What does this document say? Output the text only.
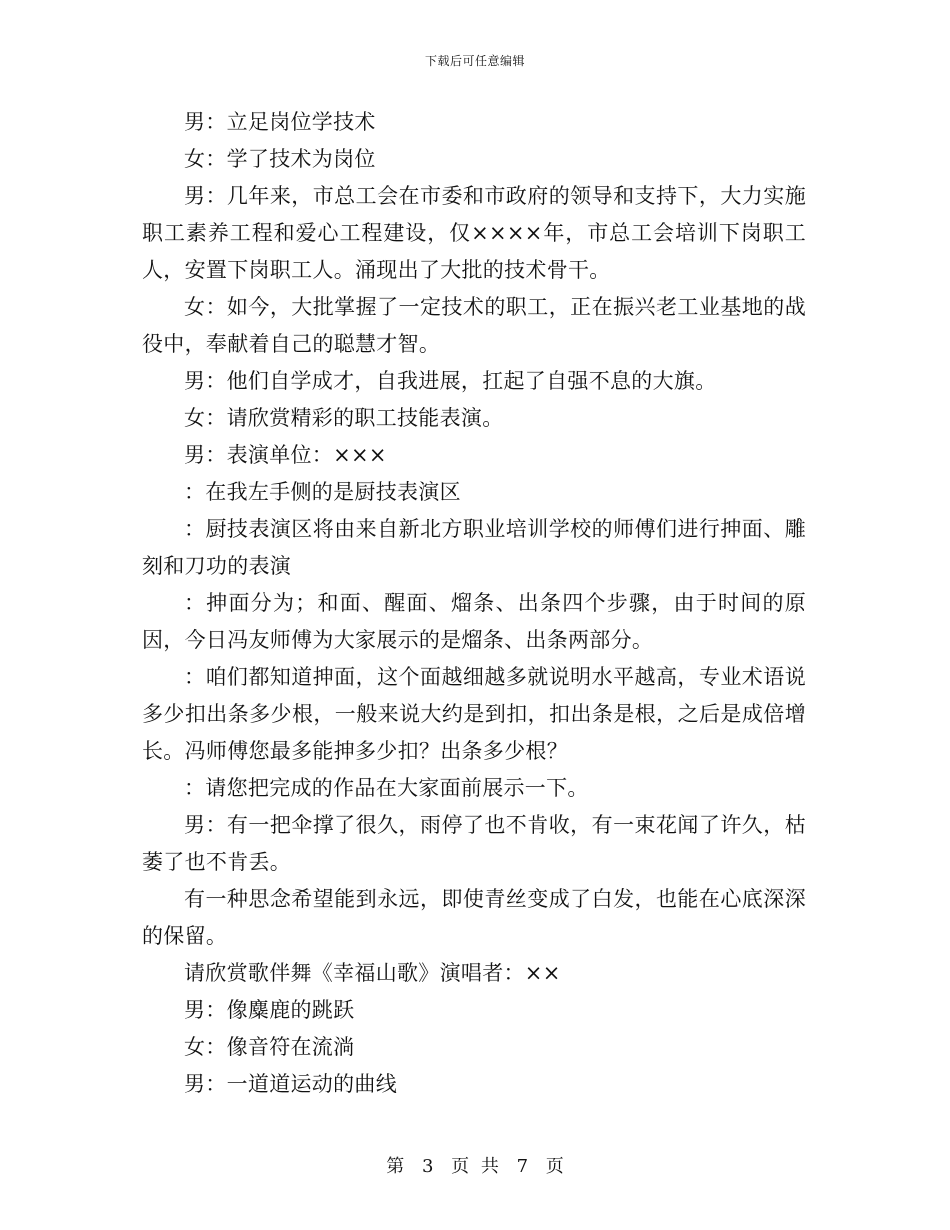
下载后可任意编辑

男：立足岗位学技术

女：学了技术为岗位

男：几年来，市总工会在市委和市政府的领导和支持下，大力实施职工素养工程和爱心工程建设，仅××××年，市总工会培训下岗职工人，安置下岗职工人。涌现出了大批的技术骨干。

女：如今，大批掌握了一定技术的职工，正在振兴老工业基地的战役中，奉献着自己的聪慧才智。

男：他们自学成才，自我进展，扛起了自强不息的大旗。

女：请欣赏精彩的职工技能表演。

男：表演单位：×××

：在我左手侧的是厨技表演区

：厨技表演区将由来自新北方职业培训学校的师傅们进行抻面、雕刻和刀功的表演

：抻面分为；和面、醒面、熘条、出条四个步骤，由于时间的原因，今日冯友师傅为大家展示的是熘条、出条两部分。

：咱们都知道抻面，这个面越细越多就说明水平越高，专业术语说多少扣出条多少根，一般来说大约是到扣，扣出条是根，之后是成倍增长。冯师傅您最多能抻多少扣？出条多少根？

：请您把完成的作品在大家面前展示一下。

男：有一把伞撑了很久，雨停了也不肯收，有一束花闻了许久，枯萎了也不肯丢。

有一种思念希望能到永远，即使青丝变成了白发，也能在心底深深的保留。

请欣赏歌伴舞《幸福山歌》演唱者：××

男：像麋鹿的跳跃

女：像音符在流淌

男：一道道运动的曲线

第 3 页 共 7 页
